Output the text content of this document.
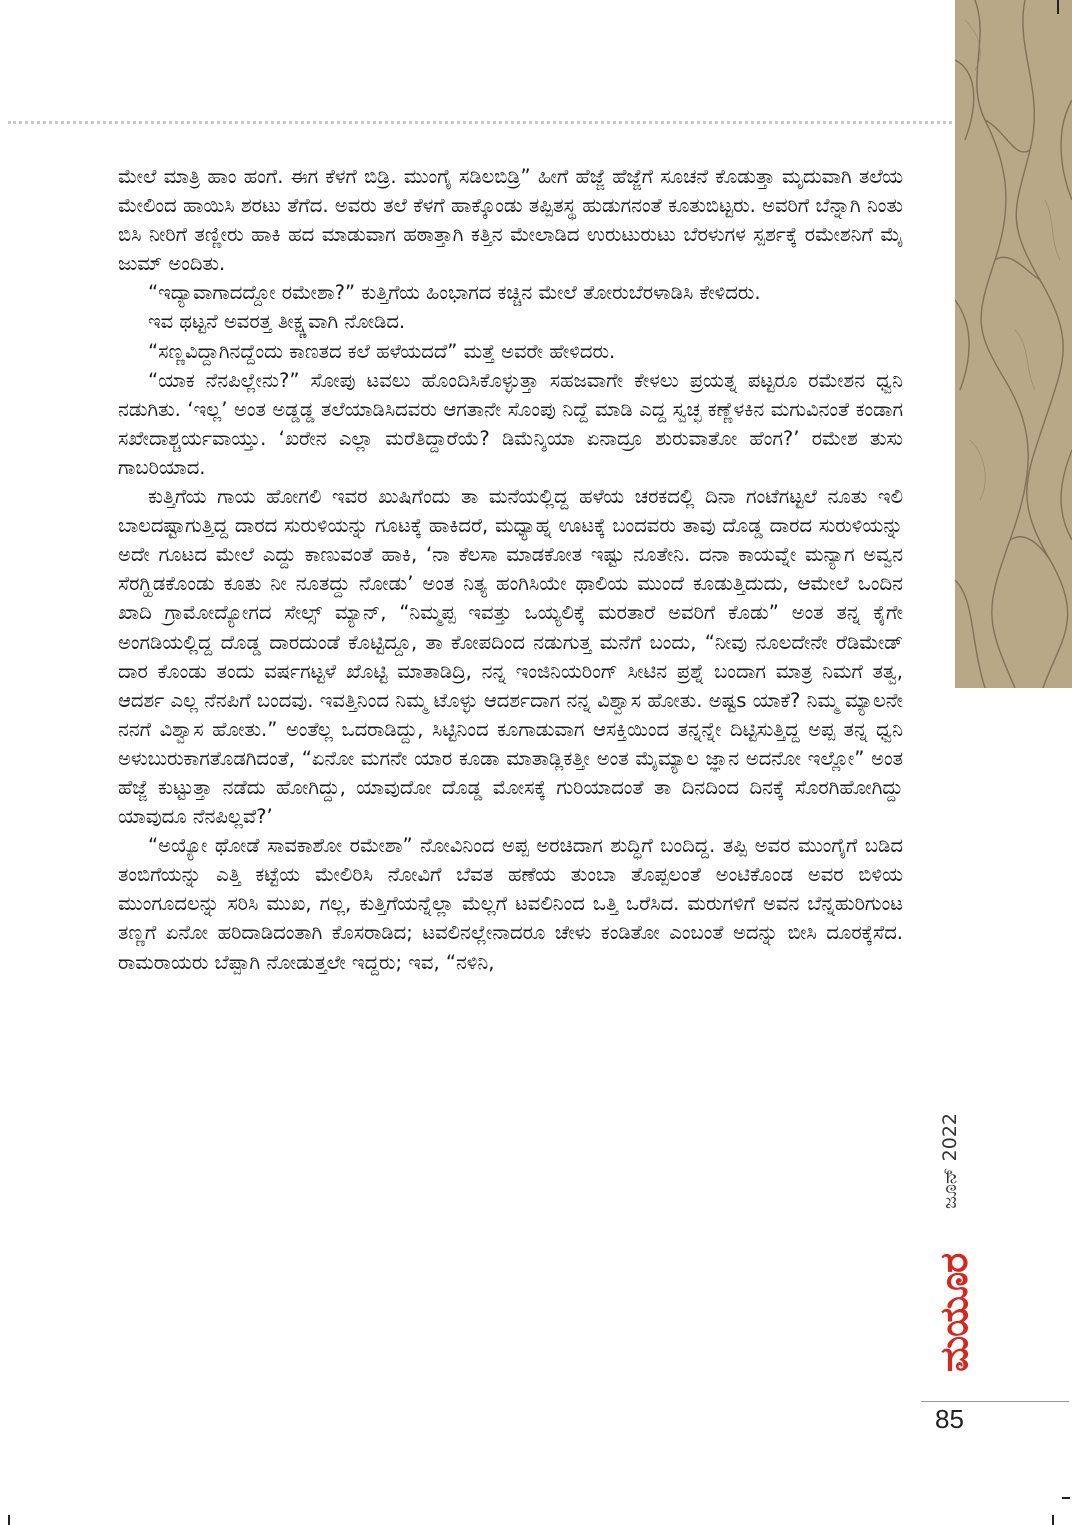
ಮೇಲೆ ಮಾತ್ರಿ ಹಾಂ ಹಂಗೆ. ಈಗ ಕೆಳಗೆ ಬಿಡ್ರಿ. ಮುಂಗೈ ಸಡಿಲಬಿಡ್ರಿ” ಹೀಗೆ ಹೆಜ್ಜೆ ಹೆಜ್ಜೆಗೆ ಸೂಚನೆ ಕೊಡುತ್ತಾ ಮೃದುವಾಗಿ ತಲೆಯ ಮೇಲಿಂದ ಹಾಯಿಸಿ ಶರಟು ತೆಗೆದ. ಅವರು ತಲೆ ಕೆಳಗೆ ಹಾಕ್ಕೊಂಡು ತಪ್ಪಿತಸ್ಥ ಹುಡುಗನಂತೆ ಕೂತುಬಿಟ್ಟರು. ಅವರಿಗೆ ಬೆನ್ನಾಗಿ ನಿಂತು ಬಿಸಿ ನೀರಿಗೆ ತಣ್ಣೀರು ಹಾಕಿ ಹದ ಮಾಡುವಾಗ ಹಠಾತ್ತಾಗಿ ಕತ್ತಿನ ಮೇಲಾಡಿದ ಉರುಟುರುಟು ಬೆರಳುಗಳ ಸ್ಪರ್ಶಕ್ಕೆ ರಮೇಶನಿಗೆ ಮೈ ಜುಮ್ ಅಂದಿತು.

“ಇದ್ಯಾವಾಗಾದದ್ದೋ ರಮೇಶಾ?” ಕುತ್ತಿಗೆಯ ಹಿಂಭಾಗದ ಕಚ್ಚಿನ ಮೇಲೆ ತೋರುಬೆರಳಾಡಿಸಿ ಕೇಳಿದರು.

ಇವ ಥಟ್ಟನೆ ಅವರತ್ತ ತೀಕ್ಷ್ಣವಾಗಿ ನೋಡಿದ.

“ಸಣ್ಣವಿದ್ದಾಗಿನದ್ದೆಂದು ಕಾಣತದ ಕಲೆ ಹಳೆಯದದೆ” ಮತ್ತೆ ಅವರೇ ಹೇಳಿದರು.

“ಯಾಕ ನೆನಪಿಲ್ಲೇನು?” ಸೋಪು ಟವಲು ಹೊಂದಿಸಿಕೊಳ್ಳುತ್ತಾ ಸಹಜವಾಗೇ ಕೇಳಲು ಪ್ರಯತ್ನ ಪಟ್ಟರೂ ರಮೇಶನ ಧ್ವನಿ ನಡುಗಿತು. ‘ಇಲ್ಲ’ ಅಂತ ಅಡ್ಡಡ್ಡ ತಲೆಯಾಡಿಸಿದವರು ಆಗತಾನೇ ಸೊಂಪು ನಿದ್ದೆ ಮಾಡಿ ಎದ್ದ ಸ್ವಚ್ಛ ಕಣ್ಣೆಳಕಿನ ಮಗುವಿನಂತೆ ಕಂಡಾಗ ಸಖೇದಾಶ್ಚರ್ಯವಾಯ್ತು. ‘ಖರೇನ ಎಲ್ಲಾ ಮರೆತಿದ್ದಾರೆಯೆ? ಡಿಮೆನ್ಶಿಯಾ ಏನಾದ್ರೂ ಶುರುವಾತೋ ಹೆಂಗ?’ ರಮೇಶ ತುಸು ಗಾಬರಿಯಾದ.

ಕುತ್ತಿಗೆಯ ಗಾಯ ಹೋಗಲಿ ಇವರ ಖುಷಿಗೆಂದು ತಾ ಮನೆಯಲ್ಲಿದ್ದ ಹಳೆಯ ಚರಕದಲ್ಲಿ ದಿನಾ ಗಂಟೆಗಟ್ಟಲೆ ನೂತು ಇಲಿ ಬಾಲದಷ್ಟಾಗುತ್ತಿದ್ದ ದಾರದ ಸುರುಳಿಯನ್ನು ಗೂಟಕ್ಕೆ ಹಾಕಿದರೆ, ಮಧ್ಯಾಹ್ನ ಊಟಕ್ಕೆ ಬಂದವರು ತಾವು ದೊಡ್ಡ ದಾರದ ಸುರುಳಿಯನ್ನು ಅದೇ ಗೂಟದ ಮೇಲೆ ಎದ್ದು ಕಾಣುವಂತೆ ಹಾಕಿ, ‘ನಾ ಕೆಲಸಾ ಮಾಡಕೋತ ಇಷ್ಟು ನೂತೇನಿ. ದನಾ ಕಾಯವ್ನೇ ಮನ್ಯಾಗ ಅವ್ವನ ಸೆರಗ್ಹಿಡಕೊಂಡು ಕೂತು ನೀ ನೂತದ್ದು ನೋಡು’ ಅಂತ ನಿತ್ಯ ಹಂಗಿಸಿಯೇ ಥಾಲಿಯ ಮುಂದೆ ಕೂಡುತ್ತಿದುದು, ಆಮೇಲೆ ಒಂದಿನ ಖಾದಿ ಗ್ರಾಮೋದ್ಯೋಗದ ಸೇಲ್ಸ್ ಮ್ಯಾನ್, “ನಿಮ್ಮಪ್ಪ ಇವತ್ತು ಒಯ್ಯಲಿಕ್ಕೆ ಮರತಾರೆ ಅವರಿಗೆ ಕೊಡು” ಅಂತ ತನ್ನ ಕೈಗೇ ಅಂಗಡಿಯಲ್ಲಿದ್ದ ದೊಡ್ಡ ದಾರದುಂಡೆ ಕೊಟ್ಟಿದ್ದೂ, ತಾ ಕೋಪದಿಂದ ನಡುಗುತ್ತ ಮನೆಗೆ ಬಂದು, “ನೀವು ನೂಲದೇನೇ ರೆಡಿಮೇಡ್ ದಾರ ಕೊಂಡು ತಂದು ವರ್ಷಗಟ್ಟಳೆ ಖೊಟ್ಟಿ ಮಾತಾಡಿದ್ರಿ, ನನ್ನ ಇಂಜಿನಿಯರಿಂಗ್ ಸೀಟಿನ ಪ್ರಶ್ನೆ ಬಂದಾಗ ಮಾತ್ರ ನಿಮಗೆ ತತ್ವ, ಆದರ್ಶ ಎಲ್ಲ ನೆನಪಿಗೆ ಬಂದವು. ಇವತ್ತಿನಿಂದ ನಿಮ್ಮ ಟೊಳ್ಳು ಆದರ್ಶದಾಗ ನನ್ನ ವಿಶ್ವಾಸ ಹೋತು. ಅಷ್ಟs ಯಾಕೆ? ನಿಮ್ಮ ಮ್ಯಾಲನೇ ನನಗೆ ವಿಶ್ವಾಸ ಹೋತು.” ಅಂತೆಲ್ಲ ಒದರಾಡಿದ್ದು, ಸಿಟ್ಟಿನಿಂದ ಕೂಗಾಡುವಾಗ ಆಸಕ್ತಿಯಿಂದ ತನ್ನನ್ನೇ ದಿಟ್ಟಿಸುತ್ತಿದ್ದ ಅಪ್ಪ ತನ್ನ ಧ್ವನಿ ಅಳುಬುರುಕಾಗತೊಡಗಿದಂತೆ, “ಏನೋ ಮಗನೇ ಯಾರ ಕೂಡಾ ಮಾತಾಡ್ಲಿಕತ್ತೀ ಅಂತ ಮೈಮ್ಯಾಲ ಜ್ಞಾನ ಅದನೋ ಇಲ್ಲೋ” ಅಂತ ಹೆಜ್ಜೆ ಕುಟ್ಟುತ್ತಾ ನಡೆದು ಹೋಗಿದ್ದು, ಯಾವುದೋ ದೊಡ್ಡ ಮೋಸಕ್ಕೆ ಗುರಿಯಾದಂತೆ ತಾ ದಿನದಿಂದ ದಿನಕ್ಕೆ ಸೊರಗಿಹೋಗಿದ್ದು ಯಾವುದೂ ನೆನಪಿಲ್ಲವೆ?’

“ಅಯ್ಯೋ ಥೋಡೆ ಸಾವಕಾಶೋ ರಮೇಶಾ” ನೋವಿನಿಂದ ಅಪ್ಪ ಅರಚಿದಾಗ ಶುದ್ಧಿಗೆ ಬಂದಿದ್ದ. ತಪ್ಪಿ ಅವರ ಮುಂಗೈಗೆ ಬಡಿದ ತಂಬಿಗೆಯನ್ನು ಎತ್ತಿ ಕಟ್ಟೆಯ ಮೇಲಿರಿಸಿ ನೋವಿಗೆ ಬೆವತ ಹಣೆಯ ತುಂಬಾ ತೊಪ್ಪಲಂತೆ ಅಂಟಿಕೊಂಡ ಅವರ ಬಿಳಿಯ ಮುಂಗೂದಲನ್ನು ಸರಿಸಿ ಮುಖ, ಗಲ್ಲ, ಕುತ್ತಿಗೆಯನ್ನೆಲ್ಲಾ ಮೆಲ್ಲಗೆ ಟವಲಿನಿಂದ ಒತ್ತಿ ಒರೆಸಿದ. ಮರುಗಳಿಗೆ ಅವನ ಬೆನ್ನಹುರಿಗುಂಟ ತಣ್ಣಗೆ ಏನೋ ಹರಿದಾಡಿದಂತಾಗಿ ಕೊಸರಾಡಿದ; ಟವಲಿನಲ್ಲೇನಾದರೂ ಚೇಳು ಕಂಡಿತೋ ಎಂಬಂತೆ ಅದನ್ನು ಬೀಸಿ ದೂರಕ್ಕೆಸೆದ. ರಾಮರಾಯರು ಬೆಪ್ಪಾಗಿ ನೋಡುತ್ತಲೇ ಇದ್ದರು; ಇವ, “ನಳಿನಿ,

ಜೂನ್ 2022
ಮಯೂರ
85
